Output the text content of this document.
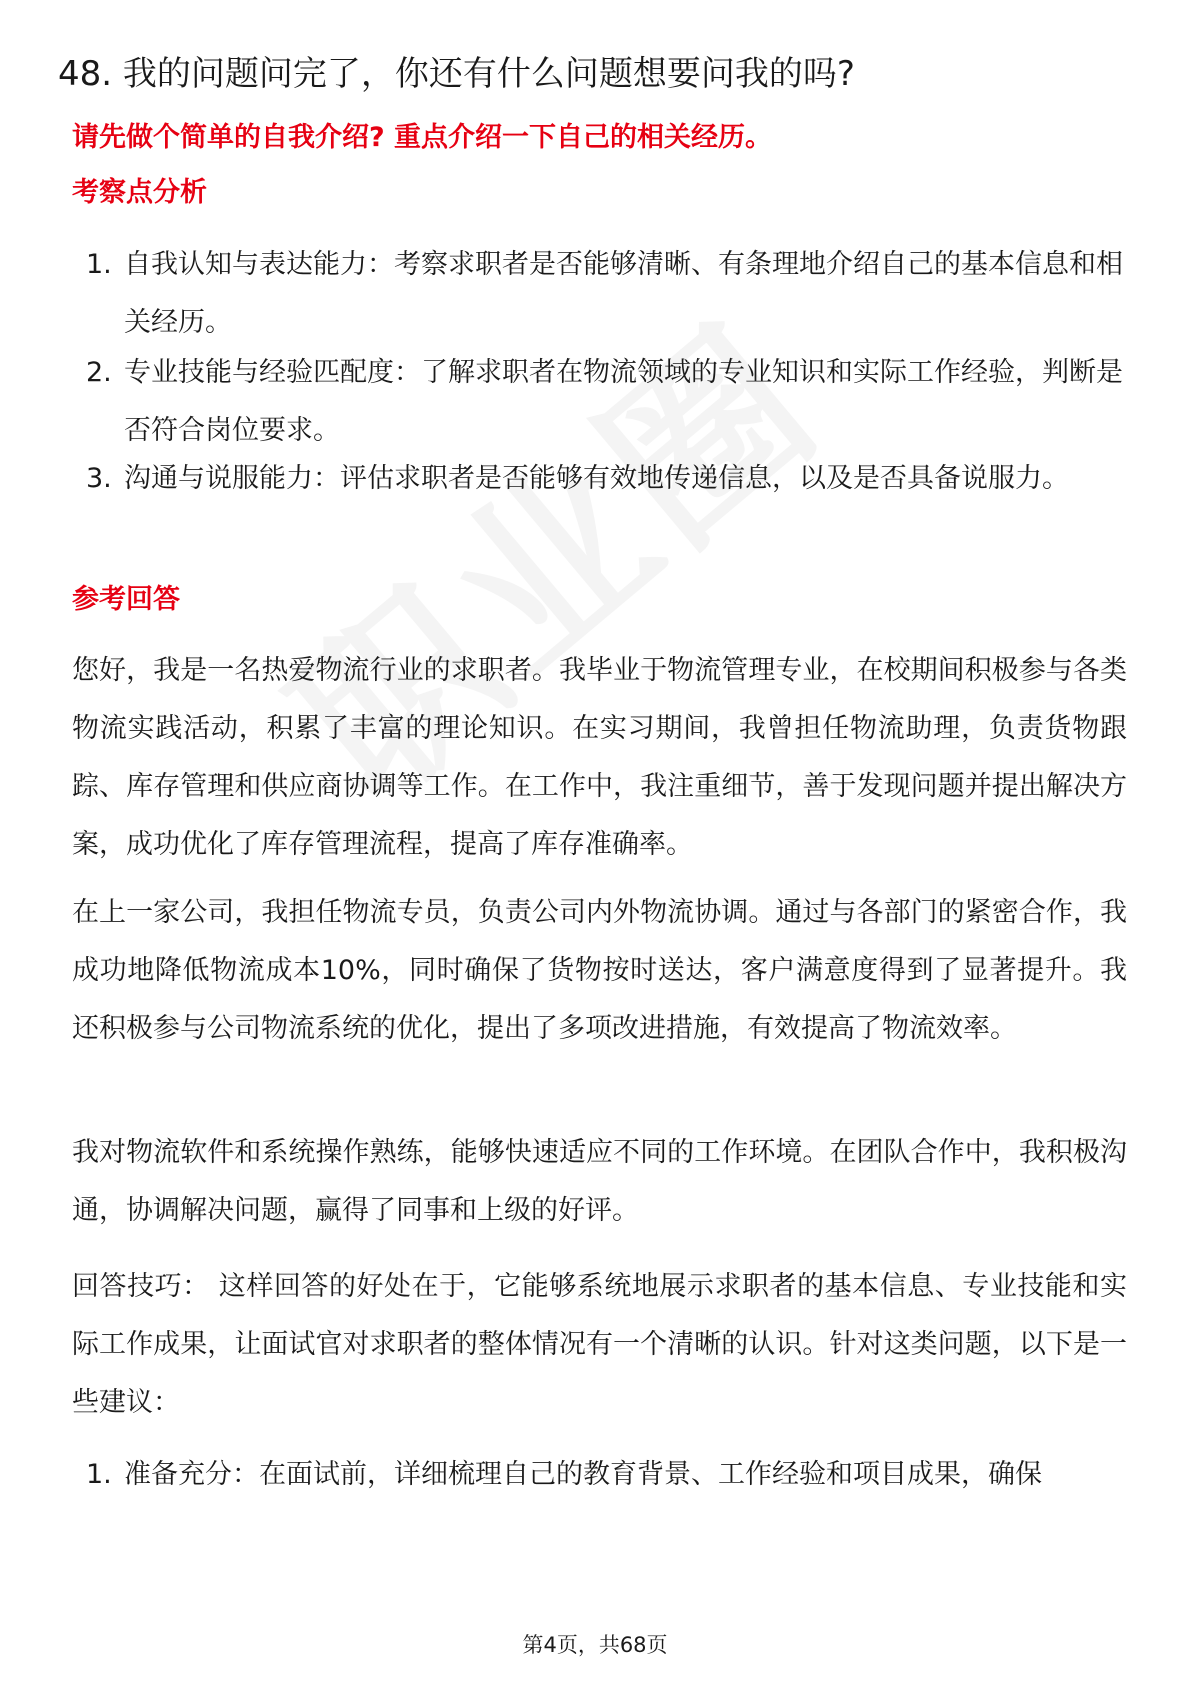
48. 我的问题问完了，你还有什么问题想要问我的吗?
请先做个简单的自我介绍? 重点介绍一下自己的相关经历。
考察点分析
1. 自我认知与表达能力：考察求职者是否能够清晰、有条理地介绍自己的基本信息和相关经历。
2. 专业技能与经验匹配度：了解求职者在物流领域的专业知识和实际工作经验，判断是否符合岗位要求。
3. 沟通与说服能力：评估求职者是否能够有效地传递信息，以及是否具备说服力。
参考回答
您好，我是一名热爱物流行业的求职者。我毕业于物流管理专业，在校期间积极参与各类物流实践活动，积累了丰富的理论知识。在实习期间，我曾担任物流助理，负责货物跟踪、库存管理和供应商协调等工作。在工作中，我注重细节，善于发现问题并提出解决方案，成功优化了库存管理流程，提高了库存准确率。
在上一家公司，我担任物流专员，负责公司内外物流协调。通过与各部门的紧密合作，我成功地降低物流成本10%，同时确保了货物按时送达，客户满意度得到了显著提升。我还积极参与公司物流系统的优化，提出了多项改进措施，有效提高了物流效率。
我对物流软件和系统操作熟练，能够快速适应不同的工作环境。在团队合作中，我积极沟通，协调解决问题，赢得了同事和上级的好评。
回答技巧： 这样回答的好处在于，它能够系统地展示求职者的基本信息、专业技能和实际工作成果，让面试官对求职者的整体情况有一个清晰的认识。针对这类问题，以下是一些建议：
1. 准备充分：在面试前，详细梳理自己的教育背景、工作经验和项目成果，确保
第4页，共68页
